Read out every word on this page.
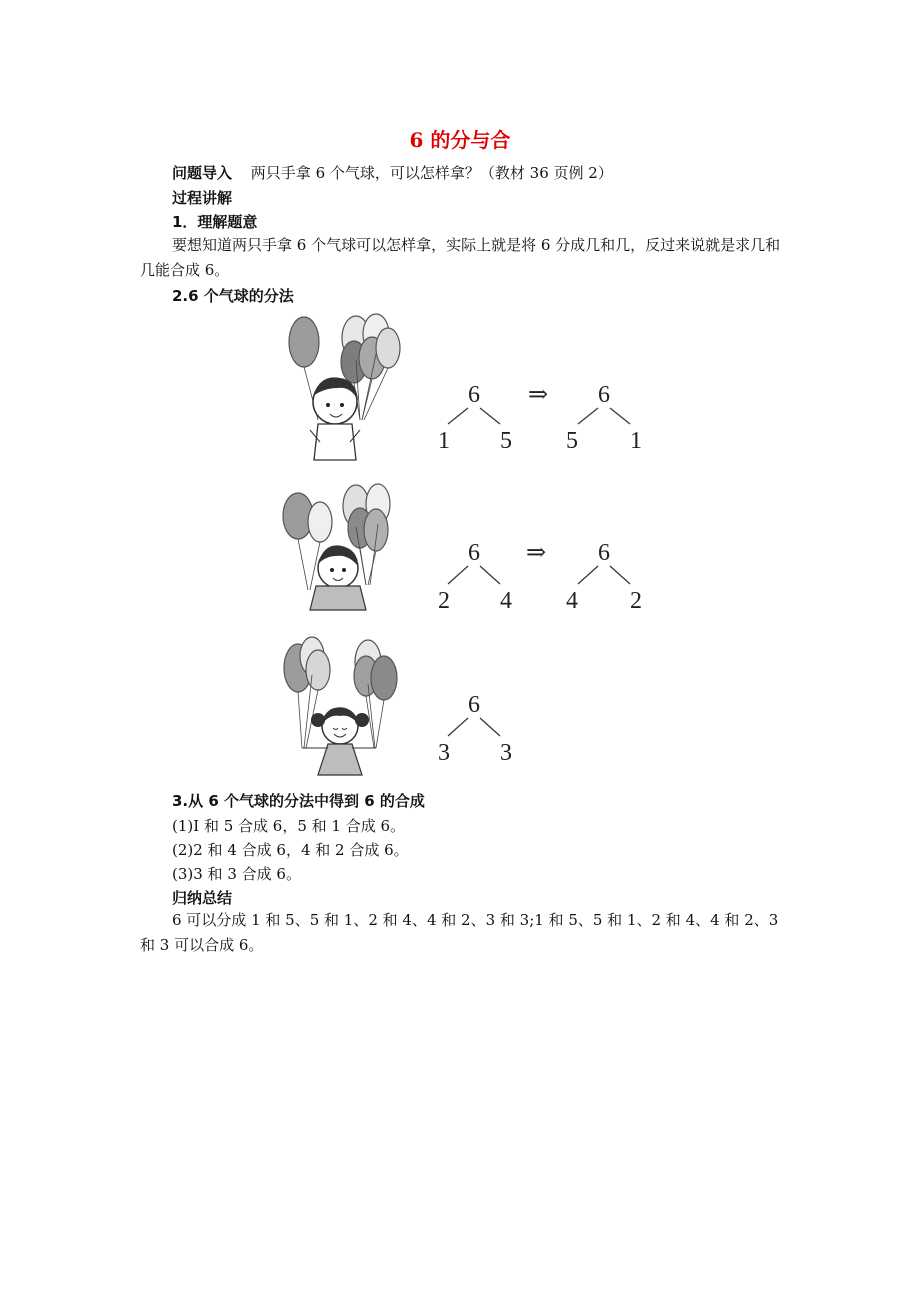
6 的分与合
问题导入 两只手拿 6 个气球，可以怎样拿？（教材 36 页例 2）
过程讲解
1．理解题意
要想知道两只手拿 6 个气球可以怎样拿，实际上就是将 6 分成几和几，反过来说就是求几和几能合成 6。
2.6 个气球的分法
6
1 5
⇒ 6
5 1
6
2 4
⇒ 6
4 2
6
3 3
3.从 6 个气球的分法中得到 6 的合成
(1)I 和 5 合成 6，5 和 1 合成 6。
(2)2 和 4 合成 6，4 和 2 合成 6。
(3)3 和 3 合成 6。
归纳总结
6 可以分成 1 和 5、5 和 1、2 和 4、4 和 2、3 和 3;1 和 5、5 和 1、2 和 4、4 和 2、3 和 3 可以合成 6。
